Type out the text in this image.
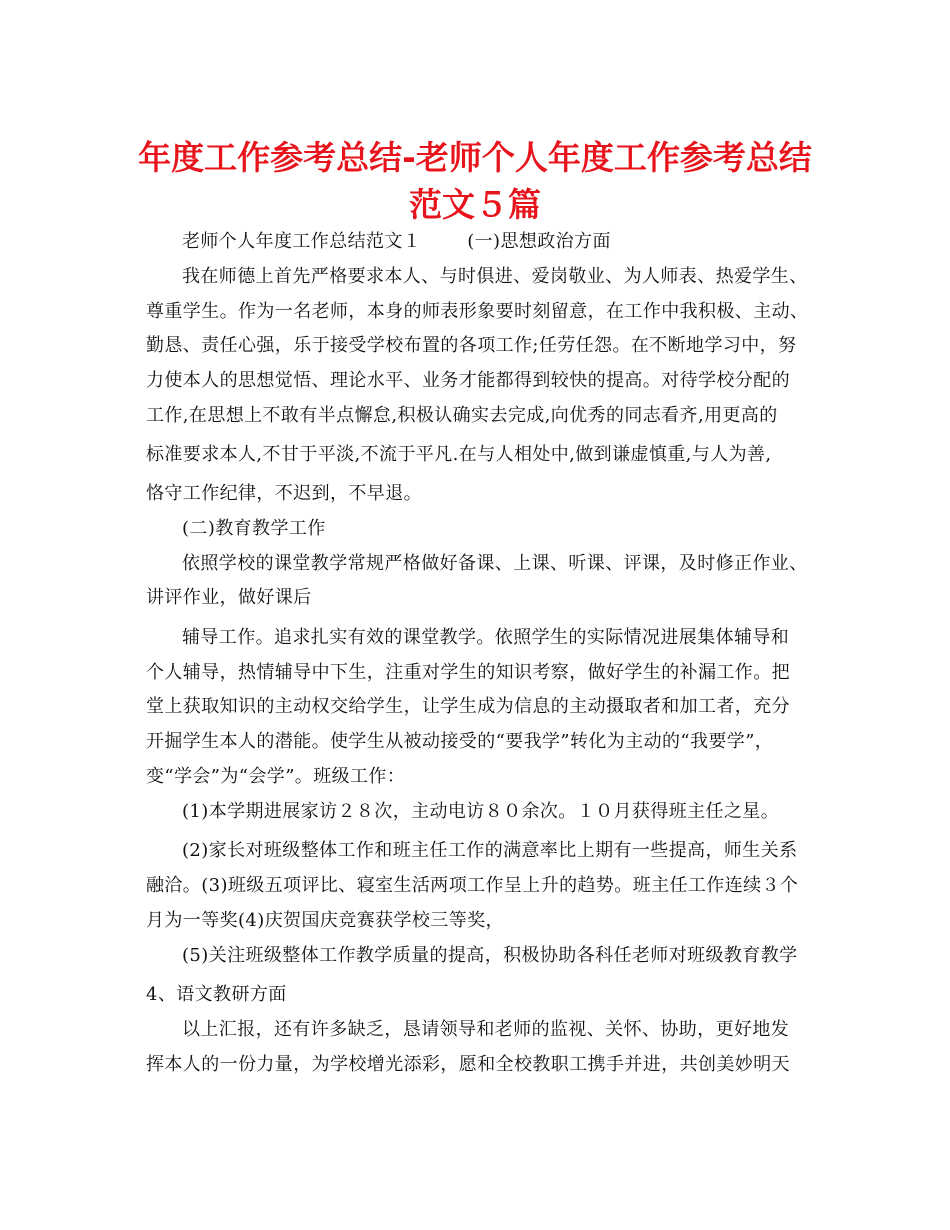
年度工作参考总结-老师个人年度工作参考总结
范文５篇
老师个人年度工作总结范文１	(一)思想政治方面
我在师德上首先严格要求本人、与时俱进、爱岗敬业、为人师表、热爱学生、
尊重学生。作为一名老师，本身的师表形象要时刻留意，在工作中我积极、主动、
勤恳、责任心强，乐于接受学校布置的各项工作;任劳任怨。在不断地学习中，努
力使本人的思想觉悟、理论水平、业务才能都得到较快的提高。对待学校分配的
工作,在思想上不敢有半点懈怠,积极认确实去完成,向优秀的同志看齐,用更高的
标准要求本人,不甘于平淡,不流于平凡.在与人相处中,做到谦虚慎重,与人为善,
恪守工作纪律，不迟到，不早退。
(二)教育教学工作
依照学校的课堂教学常规严格做好备课、上课、听课、评课，及时修正作业、
讲评作业，做好课后
辅导工作。追求扎实有效的课堂教学。依照学生的实际情况进展集体辅导和
个人辅导，热情辅导中下生，注重对学生的知识考察，做好学生的补漏工作。把
堂上获取知识的主动权交给学生，让学生成为信息的主动摄取者和加工者，充分
开掘学生本人的潜能。使学生从被动接受的“要我学”转化为主动的“我要学”，
变“学会”为“会学”。班级工作：
(1)本学期进展家访２８次，主动电访８０余次。１０月获得班主任之星。
(2)家长对班级整体工作和班主任工作的满意率比上期有一些提高，师生关系
融洽。(3)班级五项评比、寝室生活两项工作呈上升的趋势。班主任工作连续３个
月为一等奖(4)庆贺国庆竞赛获学校三等奖，
(5)关注班级整体工作教学质量的提高，积极协助各科任老师对班级教育教学
4、语文教研方面
以上汇报，还有许多缺乏，恳请领导和老师的监视、关怀、协助，更好地发
挥本人的一份力量，为学校增光添彩，愿和全校教职工携手并进，共创美妙明天
